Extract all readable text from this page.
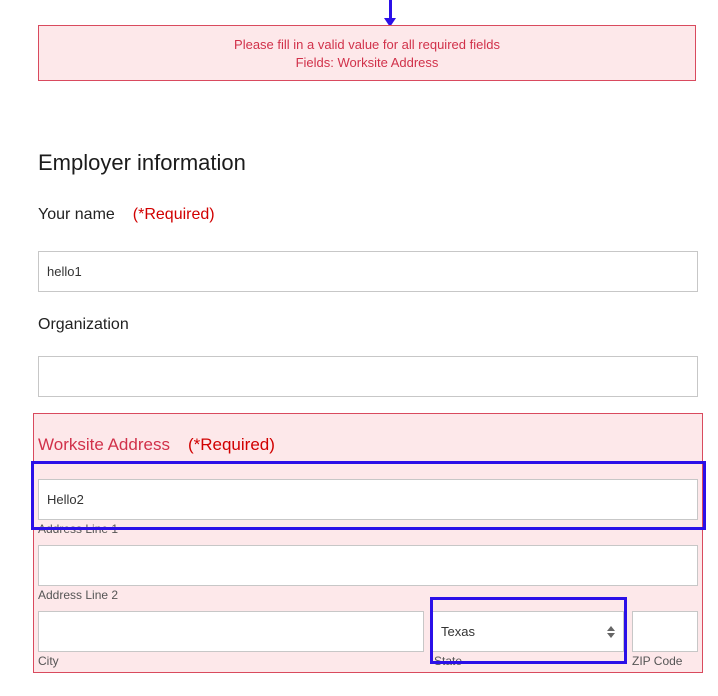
Please fill in a valid value for all required fields
Fields: Worksite Address
Employer information
Your name (*Required)
hello1
Organization
Worksite Address (*Required)
Hello2
Address Line 1
Address Line 2
City
Texas
State	ZIP Code
